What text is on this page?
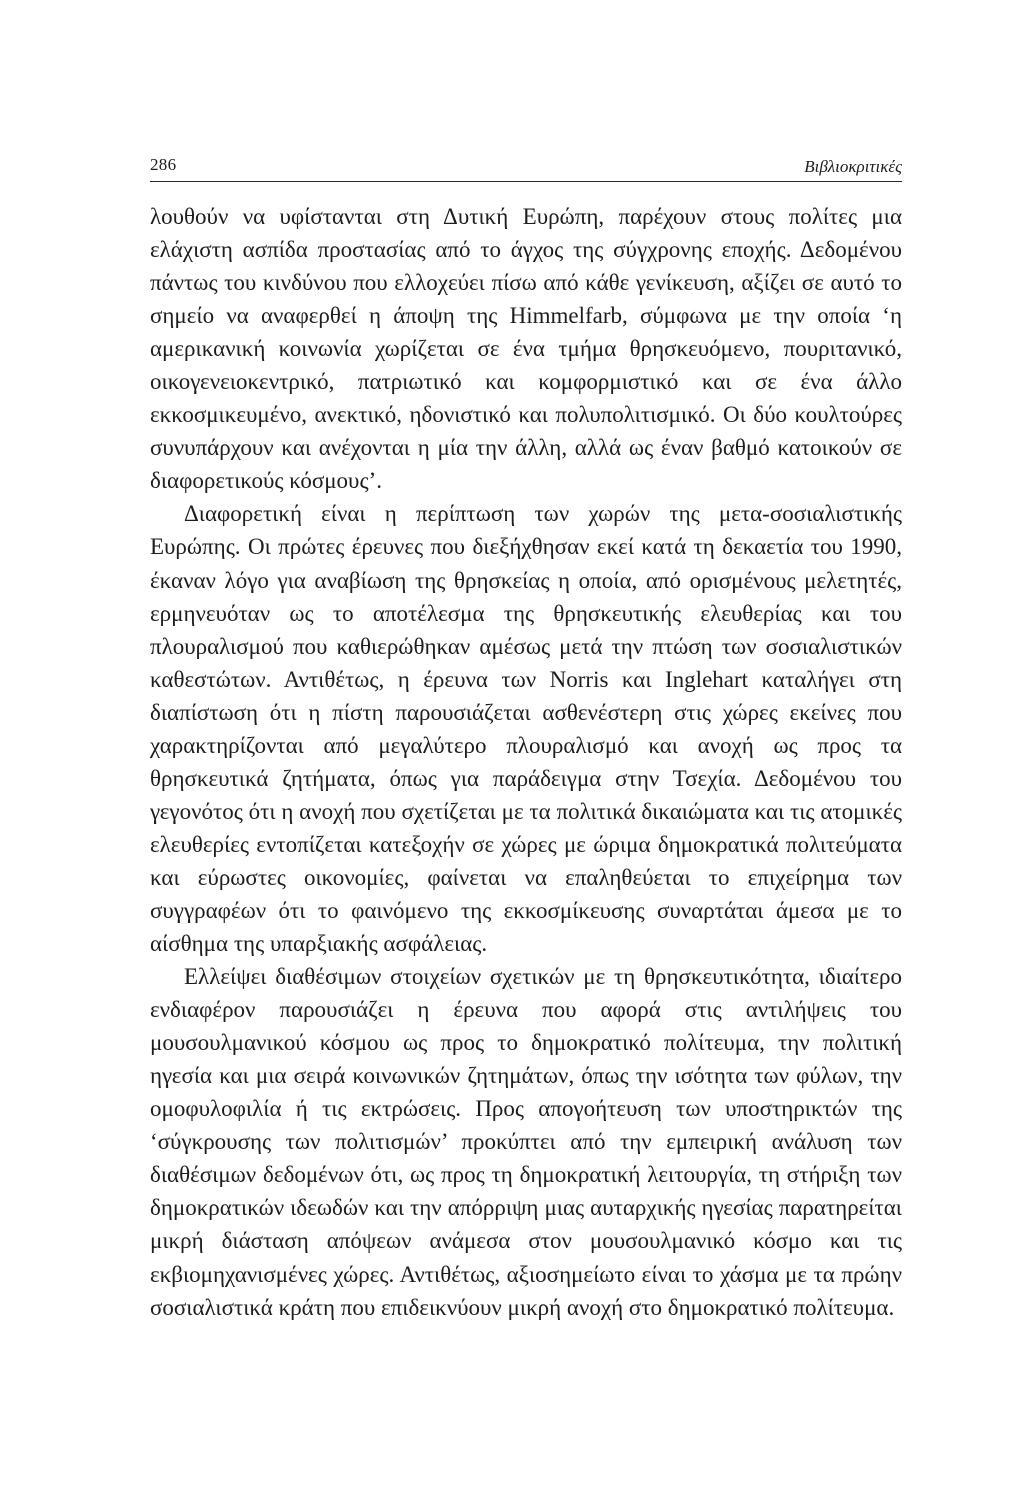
286	Βιβλιοκριτικές

λουθούν να υφίστανται στη Δυτική Ευρώπη, παρέχουν στους πολίτες μια ελάχιστη ασπίδα προστασίας από το άγχος της σύγχρονης εποχής. Δεδομένου πάντως του κινδύνου που ελλοχεύει πίσω από κάθε γενίκευση, αξίζει σε αυτό το σημείο να αναφερθεί η άποψη της Himmelfarb, σύμφωνα με την οποία ‘η αμερικανική κοινωνία χωρίζεται σε ένα τμήμα θρησκευόμενο, πουριτανικό, οικογενειοκεντρικό, πατριωτικό και κομφορμιστικό και σε ένα άλλο εκκοσμικευμένο, ανεκτικό, ηδονιστικό και πολυπολιτισμικό. Οι δύο κουλτούρες συνυπάρχουν και ανέχονται η μία την άλλη, αλλά ως έναν βαθμό κατοικούν σε διαφορετικούς κόσμους’.

Διαφορετική είναι η περίπτωση των χωρών της μετα-σοσιαλιστικής Ευρώπης. Οι πρώτες έρευνες που διεξήχθησαν εκεί κατά τη δεκαετία του 1990, έκαναν λόγο για αναβίωση της θρησκείας η οποία, από ορισμένους μελετητές, ερμηνευόταν ως το αποτέλεσμα της θρησκευτικής ελευθερίας και του πλουραλισμού που καθιερώθηκαν αμέσως μετά την πτώση των σοσιαλιστικών καθεστώτων. Αντιθέτως, η έρευνα των Norris και Inglehart καταλήγει στη διαπίστωση ότι η πίστη παρουσιάζεται ασθενέστερη στις χώρες εκείνες που χαρακτηρίζονται από μεγαλύτερο πλουραλισμό και ανοχή ως προς τα θρησκευτικά ζητήματα, όπως για παράδειγμα στην Τσεχία. Δεδομένου του γεγονότος ότι η ανοχή που σχετίζεται με τα πολιτικά δικαιώματα και τις ατομικές ελευθερίες εντοπίζεται κατεξοχήν σε χώρες με ώριμα δημοκρατικά πολιτεύματα και εύρωστες οικονομίες, φαίνεται να επαληθεύεται το επιχείρημα των συγγραφέων ότι το φαινόμενο της εκκοσμίκευσης συναρτάται άμεσα με το αίσθημα της υπαρξιακής ασφάλειας.

Ελλείψει διαθέσιμων στοιχείων σχετικών με τη θρησκευτικότητα, ιδιαίτερο ενδιαφέρον παρουσιάζει η έρευνα που αφορά στις αντιλήψεις του μουσουλμανικού κόσμου ως προς το δημοκρατικό πολίτευμα, την πολιτική ηγεσία και μια σειρά κοινωνικών ζητημάτων, όπως την ισότητα των φύλων, την ομοφυλοφιλία ή τις εκτρώσεις. Προς απογοήτευση των υποστηρικτών της ‘σύγκρουσης των πολιτισμών’ προκύπτει από την εμπειρική ανάλυση των διαθέσιμων δεδομένων ότι, ως προς τη δημοκρατική λειτουργία, τη στήριξη των δημοκρατικών ιδεωδών και την απόρριψη μιας αυταρχικής ηγεσίας παρατηρείται μικρή διάσταση απόψεων ανάμεσα στον μουσουλμανικό κόσμο και τις εκβιομηχανισμένες χώρες. Αντιθέτως, αξιοσημείωτο είναι το χάσμα με τα πρώην σοσιαλιστικά κράτη που επιδεικνύουν μικρή ανοχή στο δημοκρατικό πολίτευμα.
